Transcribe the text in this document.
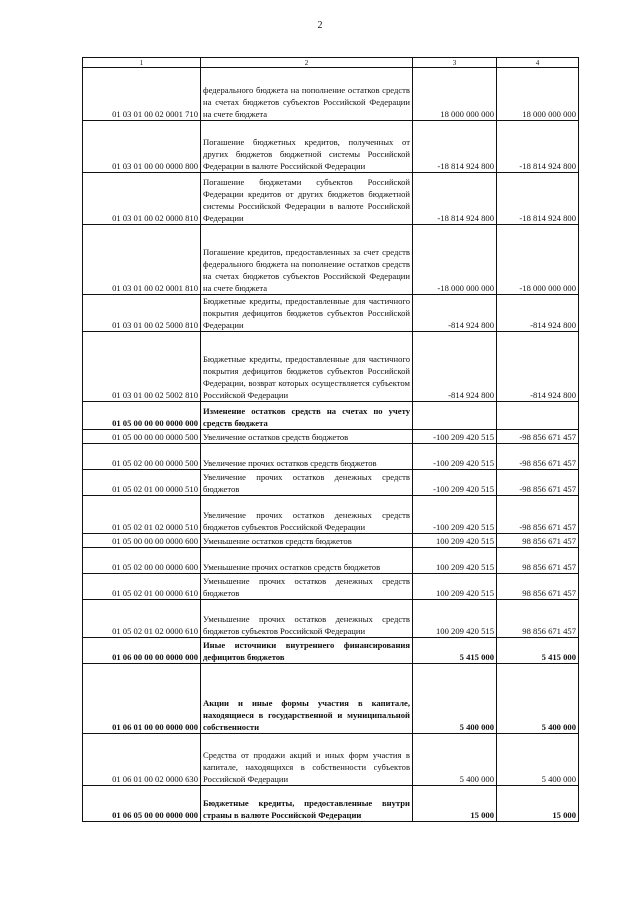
2
1	2	3	4
01 03 01 00 02 0001 710	федерального бюджета на пополнение остатков средств на счетах бюджетов субъектов Российской Федерации на счете бюджета	18 000 000 000	18 000 000 000
01 03 01 00 00 0000 800	Погашение бюджетных кредитов, полученных от других бюджетов бюджетной системы Российской Федерации в валюте Российской Федерации	-18 814 924 800	-18 814 924 800
01 03 01 00 02 0000 810	Погашение бюджетами субъектов Российской Федерации кредитов от других бюджетов бюджетной системы Российской Федерации в валюте Российской Федерации	-18 814 924 800	-18 814 924 800
01 03 01 00 02 0001 810	Погашение кредитов, предоставленных за счет средств федерального бюджета на пополнение остатков средств на счетах бюджетов субъектов Российской Федерации на счете бюджета	-18 000 000 000	-18 000 000 000
01 03 01 00 02 5000 810	Бюджетные кредиты, предоставленные для частичного покрытия дефицитов бюджетов субъектов Российской Федерации	-814 924 800	-814 924 800
01 03 01 00 02 5002 810	Бюджетные кредиты, предоставленные для частичного покрытия дефицитов бюджетов субъектов Российской Федерации, возврат которых осуществляется субъектом Российской Федерации	-814 924 800	-814 924 800
01 05 00 00 00 0000 000	Изменение остатков средств на счетах по учету средств бюджета		
01 05 00 00 00 0000 500	Увеличение остатков средств бюджетов	-100 209 420 515	-98 856 671 457
01 05 02 00 00 0000 500	Увеличение прочих остатков средств бюджетов	-100 209 420 515	-98 856 671 457
01 05 02 01 00 0000 510	Увеличение прочих остатков денежных средств бюджетов	-100 209 420 515	-98 856 671 457
01 05 02 01 02 0000 510	Увеличение прочих остатков денежных средств бюджетов субъектов Российской Федерации	-100 209 420 515	-98 856 671 457
01 05 00 00 00 0000 600	Уменьшение остатков средств бюджетов	100 209 420 515	98 856 671 457
01 05 02 00 00 0000 600	Уменьшение прочих остатков средств бюджетов	100 209 420 515	98 856 671 457
01 05 02 01 00 0000 610	Уменьшение прочих остатков денежных средств бюджетов	100 209 420 515	98 856 671 457
01 05 02 01 02 0000 610	Уменьшение прочих остатков денежных средств бюджетов субъектов Российской Федерации	100 209 420 515	98 856 671 457
01 06 00 00 00 0000 000	Иные источники внутреннего финансирования дефицитов бюджетов	5 415 000	5 415 000
01 06 01 00 00 0000 000	Акции и иные формы участия в капитале, находящиеся в государственной и муниципальной собственности	5 400 000	5 400 000
01 06 01 00 02 0000 630	Средства от продажи акций и иных форм участия в капитале, находящихся в собственности субъектов Российской Федерации	5 400 000	5 400 000
01 06 05 00 00 0000 000	Бюджетные кредиты, предоставленные внутри страны в валюте Российской Федерации	15 000	15 000
